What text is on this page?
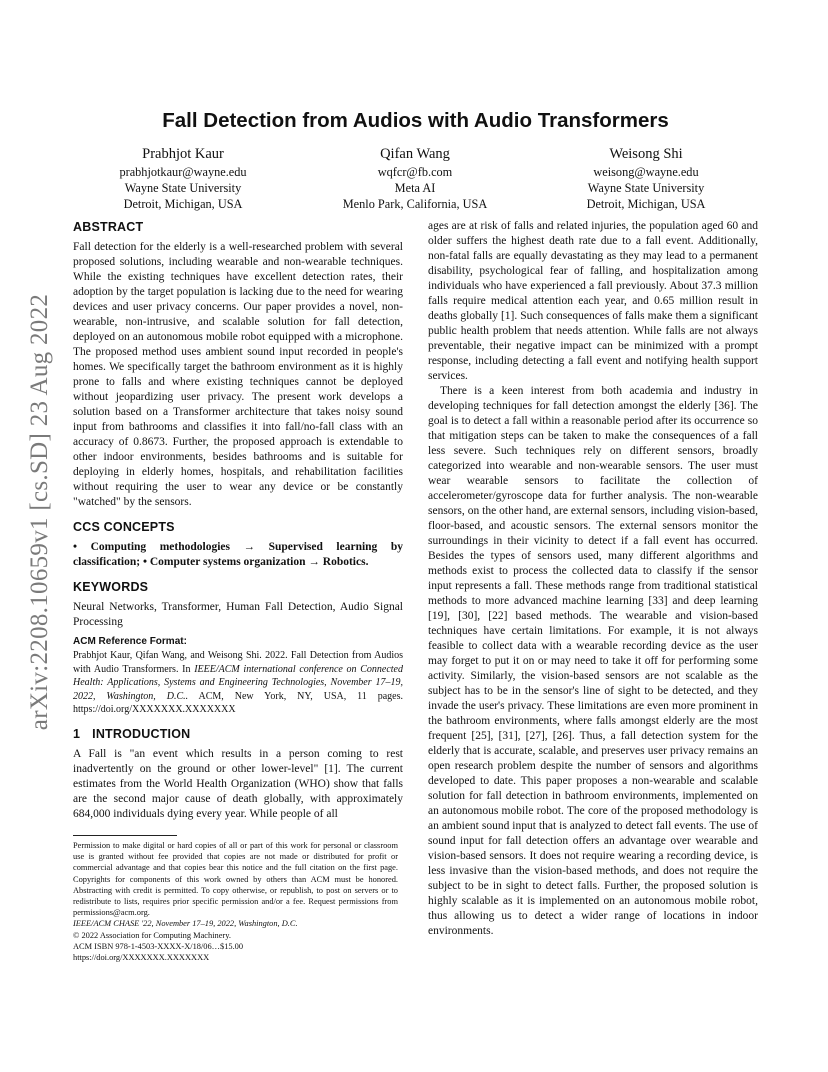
arXiv:2208.10659v1 [cs.SD] 23 Aug 2022
Fall Detection from Audios with Audio Transformers
Prabhjot Kaur
prabhjotkaur@wayne.edu
Wayne State University
Detroit, Michigan, USA
Qifan Wang
wqfcr@fb.com
Meta AI
Menlo Park, California, USA
Weisong Shi
weisong@wayne.edu
Wayne State University
Detroit, Michigan, USA
ABSTRACT

Fall detection for the elderly is a well-researched problem with several proposed solutions, including wearable and non-wearable techniques. While the existing techniques have excellent detection rates, their adoption by the target population is lacking due to the need for wearing devices and user privacy concerns. Our paper provides a novel, non-wearable, non-intrusive, and scalable solution for fall detection, deployed on an autonomous mobile robot equipped with a microphone. The proposed method uses ambient sound input recorded in people's homes. We specifically target the bathroom environment as it is highly prone to falls and where existing techniques cannot be deployed without jeopardizing user privacy. The present work develops a solution based on a Transformer architecture that takes noisy sound input from bathrooms and classifies it into fall/no-fall class with an accuracy of 0.8673. Further, the proposed approach is extendable to other indoor environments, besides bathrooms and is suitable for deploying in elderly homes, hospitals, and rehabilitation facilities without requiring the user to wear any device or be constantly "watched" by the sensors.

CCS CONCEPTS

• Computing methodologies → Supervised learning by classification; • Computer systems organization → Robotics.

KEYWORDS

Neural Networks, Transformer, Human Fall Detection, Audio Signal Processing

ACM Reference Format:

Prabhjot Kaur, Qifan Wang, and Weisong Shi. 2022. Fall Detection from Audios with Audio Transformers. In IEEE/ACM international conference on Connected Health: Applications, Systems and Engineering Technologies, November 17–19, 2022, Washington, D.C.. ACM, New York, NY, USA, 11 pages. https://doi.org/XXXXXXX.XXXXXXX

1 INTRODUCTION

A Fall is "an event which results in a person coming to rest inadvertently on the ground or other lower-level" [1]. The current estimates from the World Health Organization (WHO) show that falls are the second major cause of death globally, with approximately 684,000 individuals dying every year. While people of all

Permission to make digital or hard copies of all or part of this work for personal or classroom use is granted without fee provided that copies are not made or distributed for profit or commercial advantage and that copies bear this notice and the full citation on the first page. Copyrights for components of this work owned by others than ACM must be honored. Abstracting with credit is permitted. To copy otherwise, or republish, to post on servers or to redistribute to lists, requires prior specific permission and/or a fee. Request permissions from permissions@acm.org.

IEEE/ACM CHASE '22, November 17–19, 2022, Washington, D.C.

© 2022 Association for Computing Machinery.

ACM ISBN 978-1-4503-XXXX-X/18/06…$15.00

https://doi.org/XXXXXXX.XXXXXXX

ages are at risk of falls and related injuries, the population aged 60 and older suffers the highest death rate due to a fall event. Additionally, non-fatal falls are equally devastating as they may lead to a permanent disability, psychological fear of falling, and hospitalization among individuals who have experienced a fall previously. About 37.3 million falls require medical attention each year, and 0.65 million result in deaths globally [1]. Such consequences of falls make them a significant public health problem that needs attention. While falls are not always preventable, their negative impact can be minimized with a prompt response, including detecting a fall event and notifying health support services.

There is a keen interest from both academia and industry in developing techniques for fall detection amongst the elderly [36]. The goal is to detect a fall within a reasonable period after its occurrence so that mitigation steps can be taken to make the consequences of a fall less severe. Such techniques rely on different sensors, broadly categorized into wearable and non-wearable sensors. The user must wear wearable sensors to facilitate the collection of accelerometer/gyroscope data for further analysis. The non-wearable sensors, on the other hand, are external sensors, including vision-based, floor-based, and acoustic sensors. The external sensors monitor the surroundings in their vicinity to detect if a fall event has occurred. Besides the types of sensors used, many different algorithms and methods exist to process the collected data to classify if the sensor input represents a fall. These methods range from traditional statistical methods to more advanced machine learning [33] and deep learning [19], [30], [22] based methods. The wearable and vision-based techniques have certain limitations. For example, it is not always feasible to collect data with a wearable recording device as the user may forget to put it on or may need to take it off for performing some activity. Similarly, the vision-based sensors are not scalable as the subject has to be in the sensor's line of sight to be detected, and they invade the user's privacy. These limitations are even more prominent in the bathroom environments, where falls amongst elderly are the most frequent [25], [31], [27], [26]. Thus, a fall detection system for the elderly that is accurate, scalable, and preserves user privacy remains an open research problem despite the number of sensors and algorithms developed to date. This paper proposes a non-wearable and scalable solution for fall detection in bathroom environments, implemented on an autonomous mobile robot. The core of the proposed methodology is an ambient sound input that is analyzed to detect fall events. The use of sound input for fall detection offers an advantage over wearable and vision-based sensors. It does not require wearing a recording device, is less invasive than the vision-based methods, and does not require the subject to be in sight to detect falls. Further, the proposed solution is highly scalable as it is implemented on an autonomous mobile robot, thus allowing us to detect a wider range of locations in indoor environments.
